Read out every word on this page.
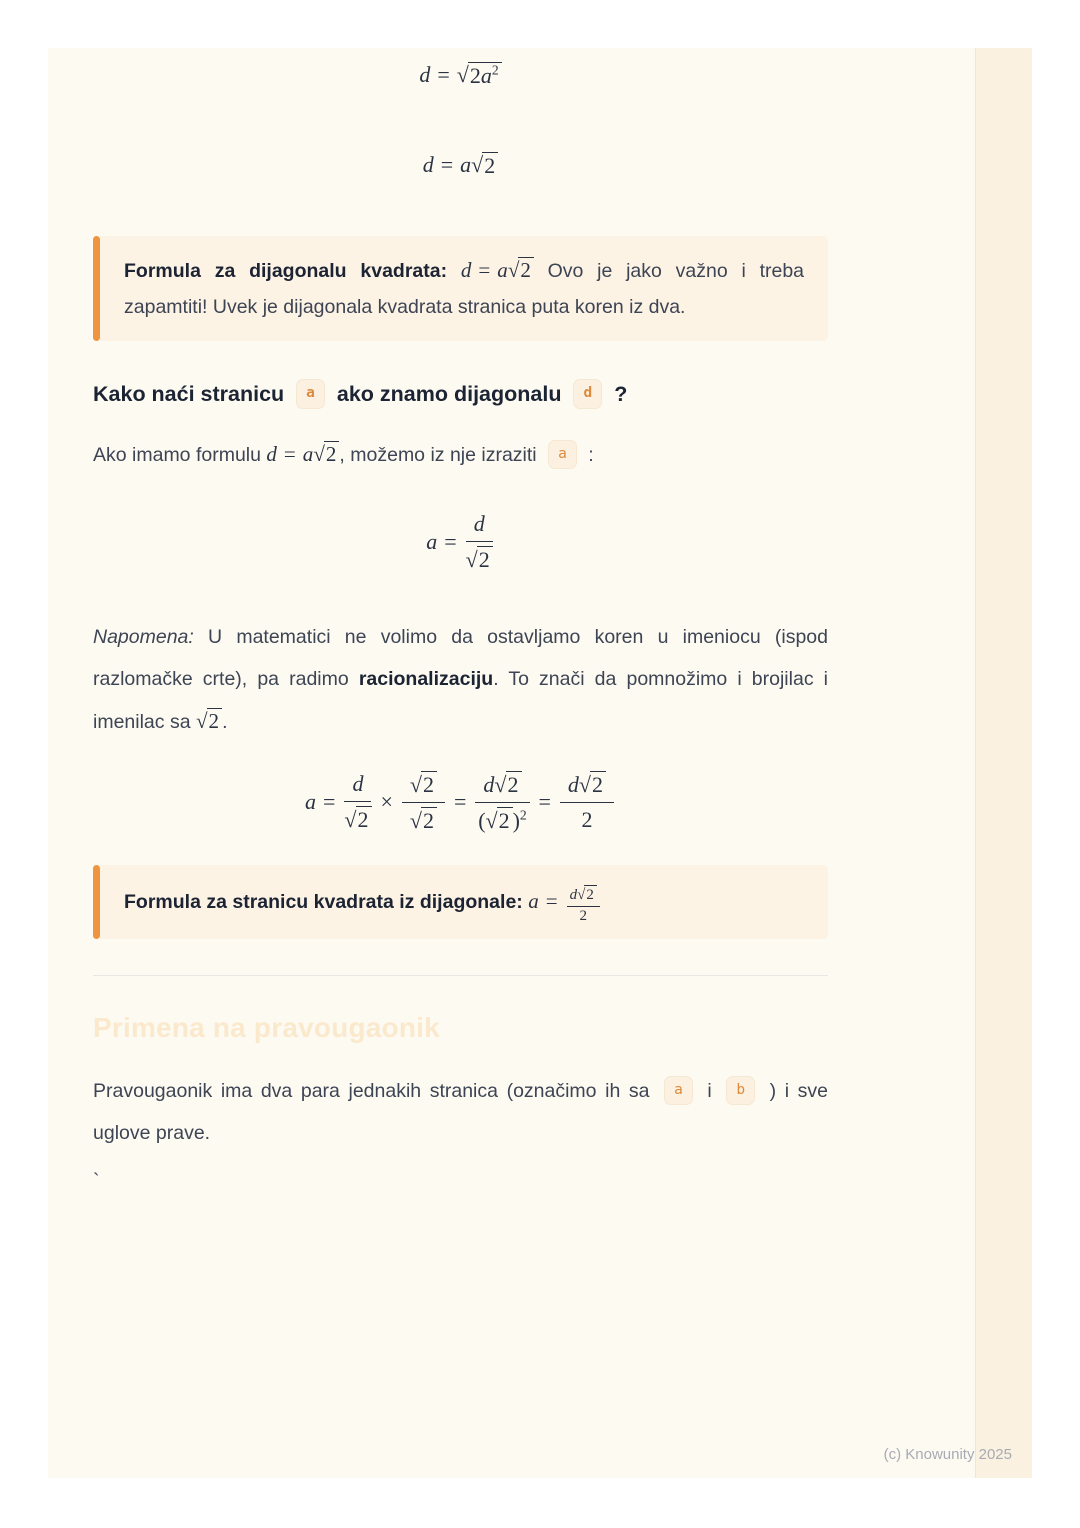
d = √ $2a^2$
d = a √ 2
Formula za dijagonalu kvadrata: d = a√2 Ovo je jako važno i treba zapamtiti! Uvek je dijagonala kvadrata stranica puta koren iz dva.
Kako naći stranicu a ako znamo dijagonalu d ?

Ako imamo formulu d = a√2 , možemo iz nje izraziti a :

$a = \frac{d}{√2}$

Napomena: U matematici ne volimo da ostavljamo koren u imeniocu (ispod razlomačke crte), pa radimo racionalizaciju. To znači da pomnožimo i brojilac i imenilac sa √2 .

$a = \frac{d}{√2} \times \frac{√2}{√2} = \frac{d√2}{(√2 )^2} = \frac{d√2}{2}$
Formula za stranicu kvadrata iz dijagonale: $a = \frac{d√2}{2}$
Primena na pravougaonik

Pravougaonik ima dva para jednakih stranica (označimo ih sa a i b ) i sve uglove prave.

`
(c) Knowunity 2025
